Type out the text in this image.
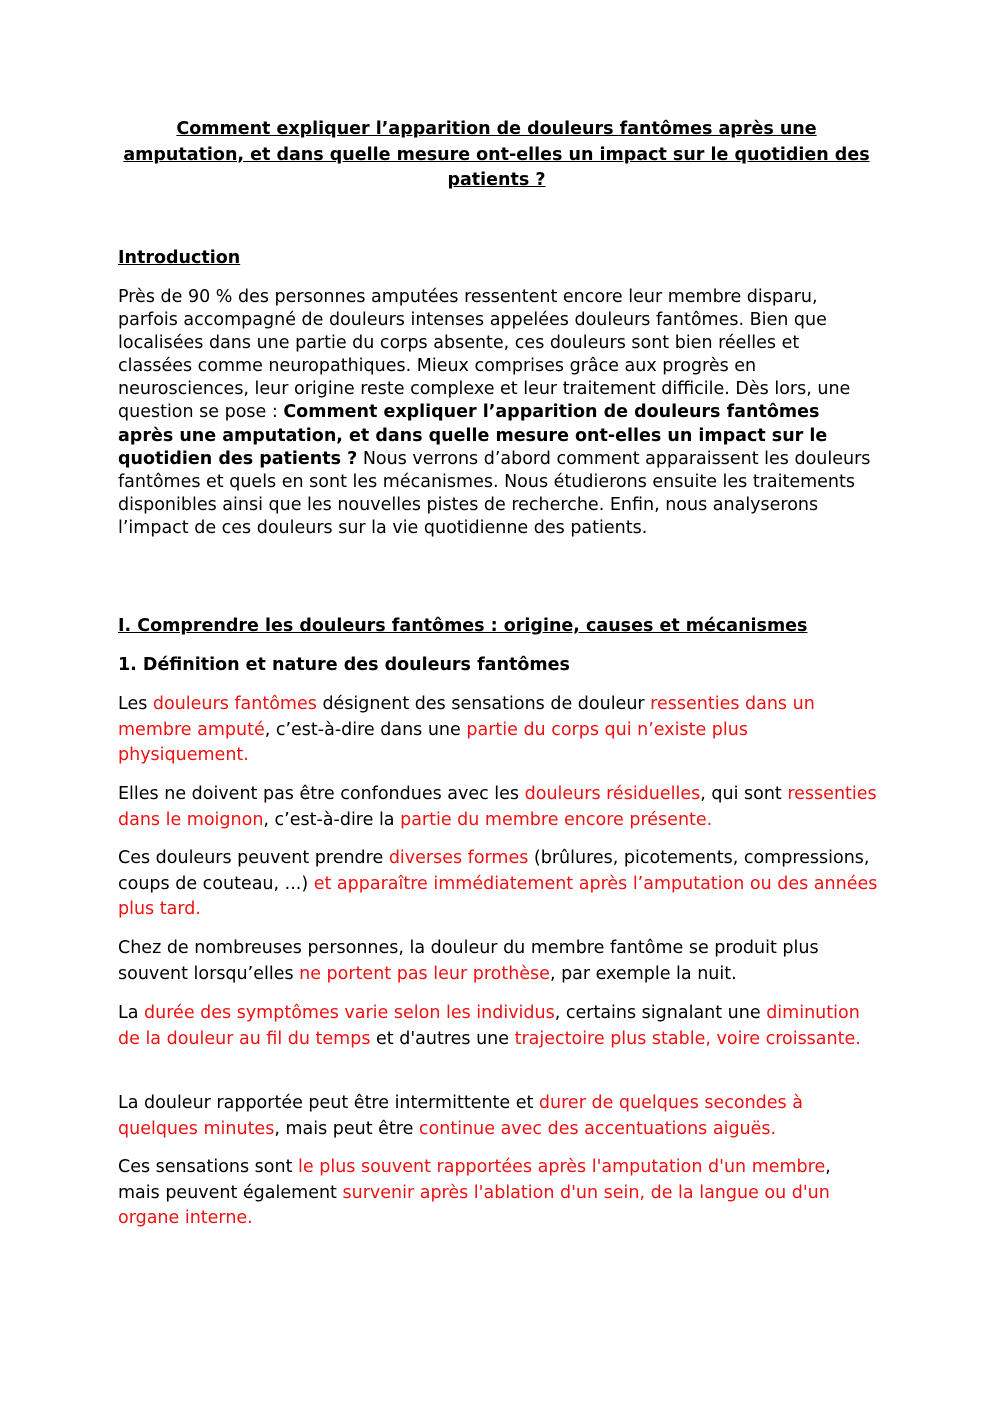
Comment expliquer l’apparition de douleurs fantômes après une amputation, et dans quelle mesure ont-elles un impact sur le quotidien des patients ?
Introduction

Près de 90 % des personnes amputées ressentent encore leur membre disparu, parfois accompagné de douleurs intenses appelées douleurs fantômes. Bien que localisées dans une partie du corps absente, ces douleurs sont bien réelles et classées comme neuropathiques. Mieux comprises grâce aux progrès en neurosciences, leur origine reste complexe et leur traitement difficile. Dès lors, une question se pose : Comment expliquer l’apparition de douleurs fantômes après une amputation, et dans quelle mesure ont-elles un impact sur le quotidien des patients ? Nous verrons d’abord comment apparaissent les douleurs fantômes et quels en sont les mécanismes. Nous étudierons ensuite les traitements disponibles ainsi que les nouvelles pistes de recherche. Enfin, nous analyserons l’impact de ces douleurs sur la vie quotidienne des patients.

I. Comprendre les douleurs fantômes : origine, causes et mécanismes
1. Définition et nature des douleurs fantômes

Les douleurs fantômes désignent des sensations de douleur ressenties dans un membre amputé, c’est-à-dire dans une partie du corps qui n’existe plus physiquement.

Elles ne doivent pas être confondues avec les douleurs résiduelles, qui sont ressenties dans le moignon, c’est-à-dire la partie du membre encore présente.

Ces douleurs peuvent prendre diverses formes (brûlures, picotements, compressions, coups de couteau, ...) et apparaître immédiatement après l’amputation ou des années plus tard.

Chez de nombreuses personnes, la douleur du membre fantôme se produit plus souvent lorsqu’elles ne portent pas leur prothèse, par exemple la nuit.

La durée des symptômes varie selon les individus, certains signalant une diminution de la douleur au fil du temps et d'autres une trajectoire plus stable, voire croissante.

La douleur rapportée peut être intermittente et durer de quelques secondes à quelques minutes, mais peut être continue avec des accentuations aiguës.

Ces sensations sont le plus souvent rapportées après l'amputation d'un membre, mais peuvent également survenir après l'ablation d'un sein, de la langue ou d'un organe interne.
